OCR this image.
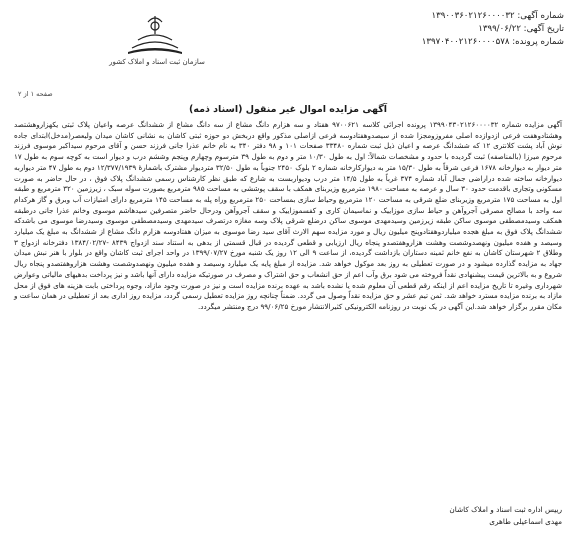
شماره آگهی: ۱۳۹۰۰۳۶۰۲۱۲۶۰۰۰۰۳۲
تاریخ آگهی: ۱۳۹۹/۰۶/۲۲
شماره پرونده: ۱۳۹۷۰۴۰۰۲۱۲۶۰۰۰۰۵۷۸
سازمان ثبت اسناد و املاک کشور
صفحه ۱ از ۲
آگهی مزایده اموال غیر منقول (اسناد ذمه)
آگهی مزایده شماره ۱۳۹۹۰۴۳۰۲۱۲۶۰۰۰۰۳۲ پرونده اجرائی کلاسه ۹۷۰۰۶۲۱ هفتاد و سه هزارم دانگ مشاع از سه دانگ مشاع از ششدانگ عرصه واعیان پلاک ثبتی یکهزاروهشتصد وهشتادوهفت فرعی ازدوازده اصلی مفروزومجزا شده از سیصدوهفتادوسه فرعی ازاصلی مذکور واقع دربخش دو حوزه ثبتی کاشان به نشانی کاشان میدان ولیعصر(مدخل)ابتدای جاده نوش آباد پشت کلانتری ۱۲ که ششدانگ عرصه و اعیان ذیل ثبت شماره ۳۳۴۸۰ صفحات ۱۰۱ و ۹۸ دفتر ۳۴۰ به نام خانم عذرا جانی فرزند حسن و آقای مرحوم سیداکبر موسوی فرزند مرحوم میرزا (بالمناصفه) ثبت گردیده با حدود و مشخصات شمالاً: اول به طول ۱۰/۳۰ متر و دوم به طول ۳۹ مترسوم وچهارم وپنجم وششم درب و دیوار است به کوچه سوم به طول ۱۷ متر دیوار به دیوارخانه ۱۶۷۸ فرعی شرقاً به طول ۱۵/۳۰ متر به دیوارکارخانه شماره ۲ بلوک ۲۴۵۰ جنوباً به طول ۳۲/۵۰ متردیوار مشترک باشمارهٔ ۱۲/۳۷۷/۱۹۳۹ دوم به طول ۴۷ متر دیواربه دیوارخانه ساخته شده دراراضی جمال آباد شماره ۳۷۴ غرباً به طول ۱۴/۵ متر درب ودیواربست به شارع که طبق نظر کارشناس رسمی ششدانگ پلاک فوق ، در حال حاضر به صورت مسکونی وتجاری باقدمت حدود ۳۰ سال و عرصه به مساحت ۱۹۸۰ مترمربع وزیربنای همکف با سقف پوششی به مساحت ۹۸۵ مترمربع بصورت سوله سبک ، زیرزمین ۳۲۰ مترمربع و طبقه اول به مساحت ۱۷۵ مترمربع وزیربنای ضلع شرقی به مساحت ۱۲۰ مترمربع وحیاط سازی بمساحت ۲۵۰ مترمربع وراه پله به مساحت ۱۴۵ مترمربع دارای امتیازات آب وبرق و گاز هرکدام سه واحد با مصالح مصرفی آجروآهن و حیاط سازی موزاییک و نماسیمان کاری و کفسموزاییک و سقف آجروآهن ودرحال حاضر متصرفین سیدهاشم موسوی وخانم عذرا جانی درطبقه همکف وسیدمصطفی موسوی ساکن طبقه زیرزمین وسیدمهدی موسوی ساکن درضلع شرقی پلاک وسه مغازه درتصرف سیدمهدی وسیدمصطفی موسوی وسیدرضا موسوی می باشدکه ششدانگ پلاک فوق به مبلغ هجده میلیاردوهفتادوپنج میلیون ریال و مورد مزایده سهم الارث آقای سید رضا موسوی به میزان هفتادوسه هزارم دانگ مشاع از ششدانگ به مبلغ یک میلیارد وسیصد و هفده میلیون ونهصدوشصت وهشت هزاروهفتصدو پنجاه ریال ارزیابی و قطعی گردیده در قبال قسمتی از بدهی به استناد سند ازدواج ۸۴۳۹ -۱۳۸۴/۰۲/۲۷ دفترخانه ازدواج ۳ وطلاق ۲ شهرستان کاشان به نفع خانم ثمینه دستاران بازداشت گردیده، از ساعت ۹ الی ۱۲ روز یک شنبه مورخ ۱۳۹۹/۰۷/۲۷ در واحد اجرای ثبت کاشان واقع در بلوار با هنر نبش میدان جهاد به مزایده گذارده میشود و در صورت تعطیلی به روز بعد موکول خواهد شد. مزایده از مبلغ پایه یک میلیارد وسیصد و هفده میلیون ونهصدوشصت وهشت هزاروهفتصدو پنجاه ریال شروع و به بالاترین قیمت پیشنهادی نقداً فروخته می شود برق وآب اعم از حق انشعاب و حق اشتراک و مصرف در صورتیکه مزایده دارای آنها باشد و نیز پرداخت بدهیهای مالیاتی وعوارض شهرداری وغیره تا تاریخ مزایده اعم از اینکه رقم قطعی آن معلوم شده یا نشده باشد به عهده برنده مزایده است و نیز در صورت وجود مازاد، وجوه پرداختی بابت هزینه های فوق از محل مازاد به برنده مزایده مسترد خواهد شد. ثمن تیم عشر و حق مزایده نقداً وصول می گردد. ضمناً چنانچه روز مزایده تعطیل رسمی گردد، مزایده روز اداری بعد از تعطیلی در همان ساعت و مکان مقرر برگزار خواهد شد.این آگهی در یک نوبت در روزنامه الکترونیکی کثیرالانتشار مورخ ۹۹/۰۶/۲۵ درج ومنتشر میگردد.
رییس اداره ثبت اسناد و املاک کاشان
مهدی اسماعیلی طاهری
